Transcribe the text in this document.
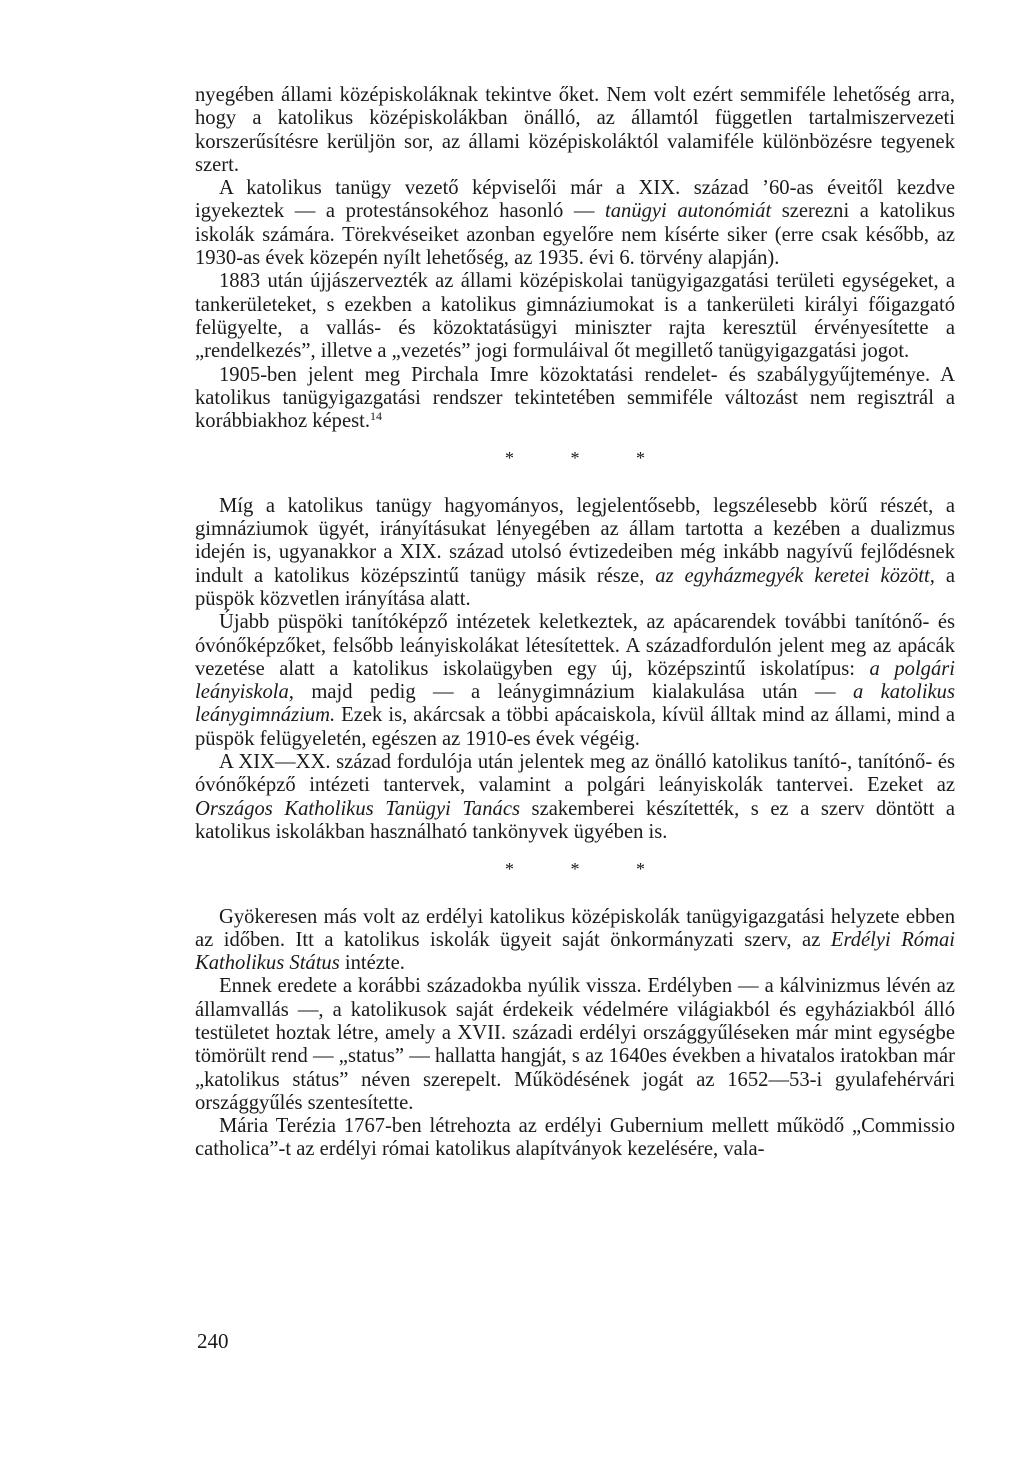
nyegében állami középiskoláknak tekintve őket. Nem volt ezért semmiféle lehetőség arra, hogy a katolikus középiskolákban önálló, az államtól független tartalmiszervezeti korszerűsítésre kerüljön sor, az állami középiskoláktól valamiféle különbözésre tegyenek szert.

A katolikus tanügy vezető képviselői már a XIX. század ’60-as éveitől kezdve igyekeztek — a protestánsokéhoz hasonló — tanügyi autonómiát szerezni a katolikus iskolák számára. Törekvéseiket azonban egyelőre nem kísérte siker (erre csak később, az 1930-as évek közepén nyílt lehetőség, az 1935. évi 6. törvény alapján).

1883 után újjászervezték az állami középiskolai tanügyigazgatási területi egységeket, a tankerületeket, s ezekben a katolikus gimnáziumokat is a tankerületi királyi főigazgató felügyelte, a vallás- és közoktatásügyi miniszter rajta keresztül érvényesítette a „rendelkezés”, illetve a „vezetés” jogi formuláival őt megillető tanügyigazgatási jogot.

1905-ben jelent meg Pirchala Imre közoktatási rendelet- és szabálygyűjteménye. A katolikus tanügyigazgatási rendszer tekintetében semmiféle változást nem regisztrál a korábbiakhoz képest.$^{14}$

* * *

Míg a katolikus tanügy hagyományos, legjelentősebb, legszélesebb körű részét, a gimnáziumok ügyét, irányításukat lényegében az állam tartotta a kezében a dualizmus idején is, ugyanakkor a XIX. század utolsó évtizedeiben még inkább nagyívű fejlődésnek indult a katolikus középszintű tanügy másik része, az egyházmegyék keretei között, a püspök közvetlen irányítása alatt.

Újabb püspöki tanítóképző intézetek keletkeztek, az apácarendek további tanítónő- és óvónőképzőket, felsőbb leányiskolákat létesítettek. A századfordulón jelent meg az apácák vezetése alatt a katolikus iskolaügyben egy új, középszintű iskolatípus: a polgári leányiskola, majd pedig — a leánygimnázium kialakulása után — a katolikus leánygimnázium. Ezek is, akárcsak a többi apácaiskola, kívül álltak mind az állami, mind a püspök felügyeletén, egészen az 1910-es évek végéig.

A XIX—XX. század fordulója után jelentek meg az önálló katolikus tanító-, tanítónő- és óvónőképző intézeti tantervek, valamint a polgári leányiskolák tantervei. Ezeket az Országos Katholikus Tanügyi Tanács szakemberei készítették, s ez a szerv döntött a katolikus iskolákban használható tankönyvek ügyében is.

* * *

Gyökeresen más volt az erdélyi katolikus középiskolák tanügyigazgatási helyzete ebben az időben. Itt a katolikus iskolák ügyeit saját önkormányzati szerv, az Erdélyi Római Katholikus Státus intézte.

Ennek eredete a korábbi századokba nyúlik vissza. Erdélyben — a kálvinizmus lévén az államvallás —, a katolikusok saját érdekeik védelmére világiakból és egyháziakból álló testületet hoztak létre, amely a XVII. századi erdélyi országgyűléseken már mint egységbe tömörült rend — „status” — hallatta hangját, s az 1640es években a hivatalos iratokban már „katolikus státus” néven szerepelt. Működésének jogát az 1652—53-i gyulafehérvári országgyűlés szentesítette.

Mária Terézia 1767-ben létrehozta az erdélyi Gubernium mellett működő „Commissio catholica”-t az erdélyi római katolikus alapítványok kezelésére, vala-

240
